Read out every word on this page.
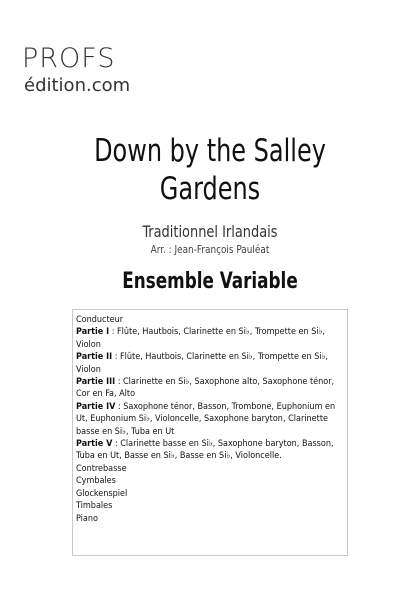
PROFS
édition.com
Down by the Salley
Gardens
Traditionnel Irlandais
Arr. : Jean-François Pauléat
Ensemble Variable

Conducteur

Partie I : Flûte, Hautbois, Clarinette en Si♭, Trompette en Si♭, Violon

Partie II : Flûte, Hautbois, Clarinette en Si♭, Trompette en Si♭, Violon

Partie III : Clarinette en Si♭, Saxophone alto, Saxophone ténor, Cor en Fa, Alto

Partie IV : Saxophone ténor, Basson, Trombone, Euphonium en Ut, Euphonium Si♭, Violoncelle, Saxophone baryton, Clarinette basse en Si♭, Tuba en Ut

Partie V : Clarinette basse en Si♭, Saxophone baryton, Basson, Tuba en Ut, Basse en Si♭, Basse en Si♭, Violoncelle.

Contrebasse

Cymbales

Glockenspiel

Timbales

Piano
